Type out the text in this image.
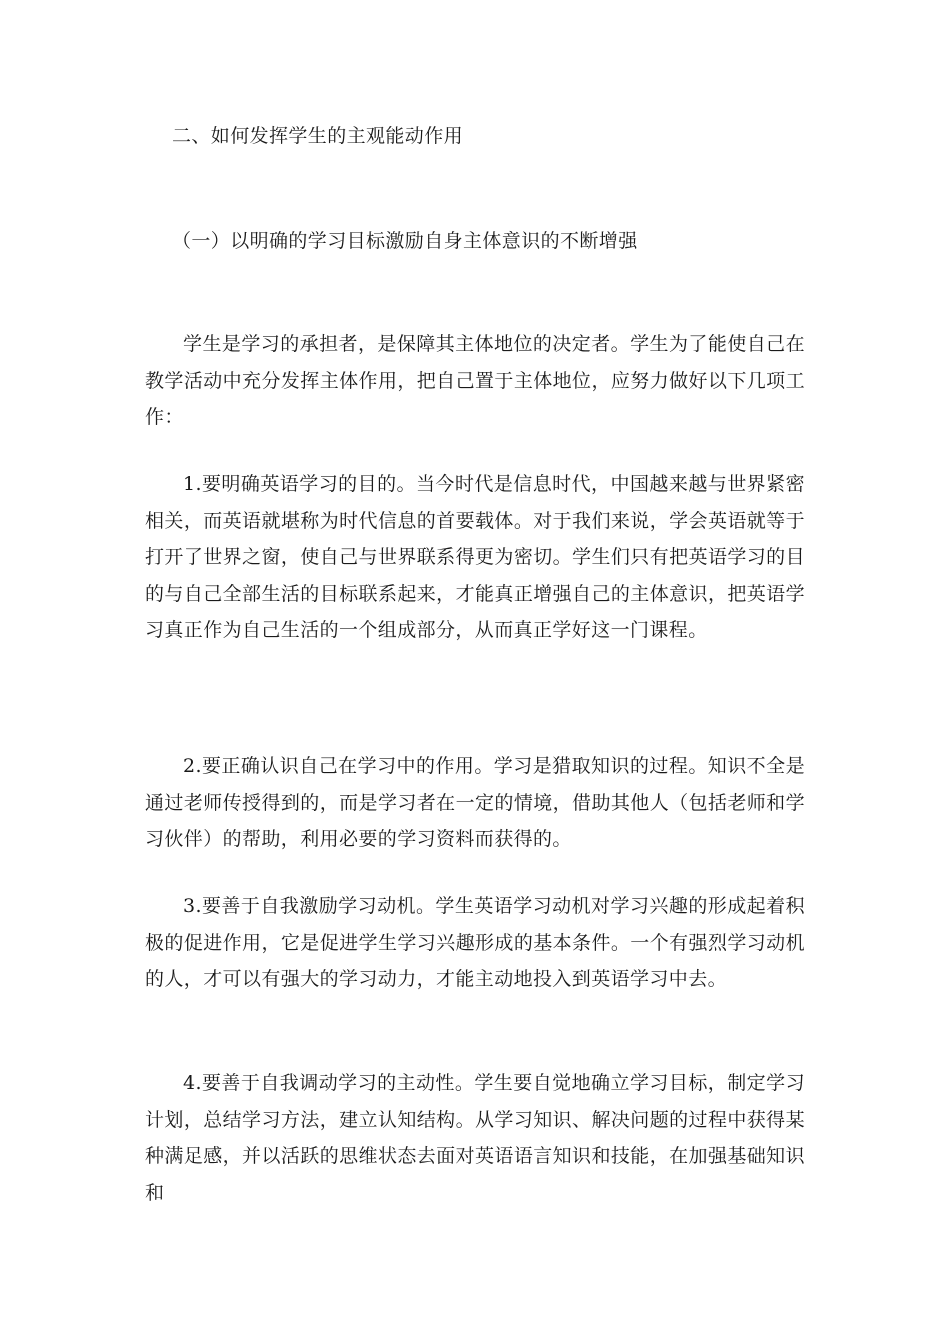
二、如何发挥学生的主观能动作用

（一）以明确的学习目标激励自身主体意识的不断增强

学生是学习的承担者，是保障其主体地位的决定者。学生为了能使自己在教学活动中充分发挥主体作用，把自己置于主体地位，应努力做好以下几项工作：

1.要明确英语学习的目的。当今时代是信息时代，中国越来越与世界紧密相关，而英语就堪称为时代信息的首要载体。对于我们来说，学会英语就等于打开了世界之窗，使自己与世界联系得更为密切。学生们只有把英语学习的目的与自己全部生活的目标联系起来，才能真正增强自己的主体意识，把英语学习真正作为自己生活的一个组成部分，从而真正学好这一门课程。

2.要正确认识自己在学习中的作用。学习是猎取知识的过程。知识不全是通过老师传授得到的，而是学习者在一定的情境，借助其他人（包括老师和学习伙伴）的帮助，利用必要的学习资料而获得的。

3.要善于自我激励学习动机。学生英语学习动机对学习兴趣的形成起着积极的促进作用，它是促进学生学习兴趣形成的基本条件。一个有强烈学习动机的人，才可以有强大的学习动力，才能主动地投入到英语学习中去。

4.要善于自我调动学习的主动性。学生要自觉地确立学习目标，制定学习计划，总结学习方法，建立认知结构。从学习知识、解决问题的过程中获得某种满足感，并以活跃的思维状态去面对英语语言知识和技能，在加强基础知识和
